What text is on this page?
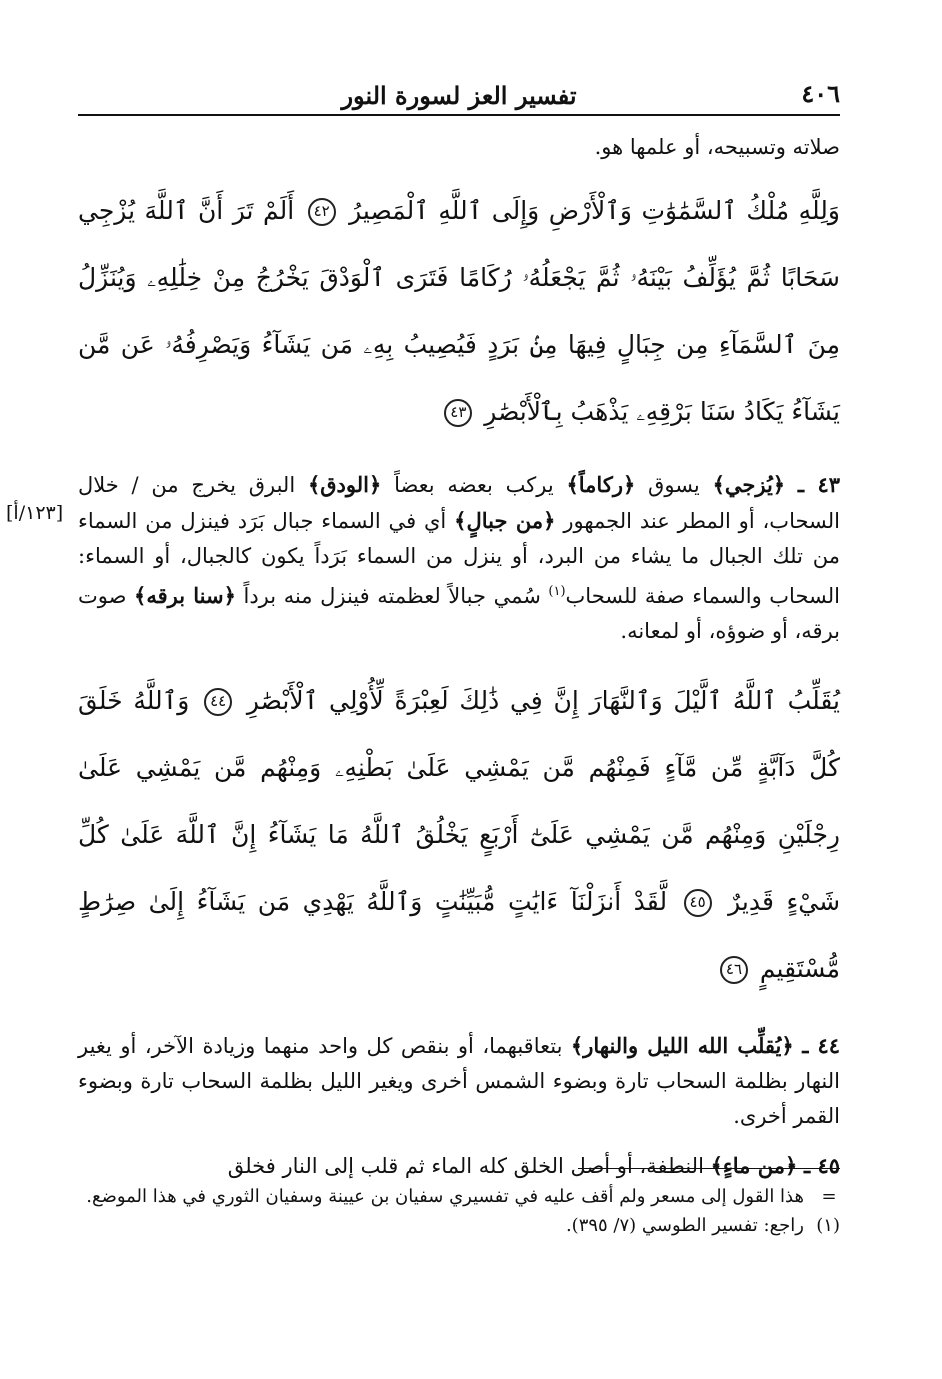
٤٠٦
تفسير العز لسورة النور

صلاته وتسبيحه، أو علمها هو.

وَلِلَّهِ مُلْكُ ٱلسَّمَٰوَٰتِ وَٱلْأَرْضِ وَإِلَى ٱللَّهِ ٱلْمَصِيرُ ٤٢ أَلَمْ تَرَ أَنَّ ٱللَّهَ يُزْجِي سَحَابًا ثُمَّ يُؤَلِّفُ بَيْنَهُۥ ثُمَّ يَجْعَلُهُۥ رُكَامًا فَتَرَى ٱلْوَدْقَ يَخْرُجُ مِنْ خِلَٰلِهِۦ وَيُنَزِّلُ مِنَ ٱلسَّمَآءِ مِن جِبَالٍ فِيهَا مِنۢ بَرَدٍ فَيُصِيبُ بِهِۦ مَن يَشَآءُ وَيَصْرِفُهُۥ عَن مَّن يَشَآءُ يَكَادُ سَنَا بَرْقِهِۦ يَذْهَبُ بِٱلْأَبْصَٰرِ ٤٣

[١٢٣/أ]

٤٣ ـ ﴿يُزجي﴾ يسوق ﴿ركاماً﴾ يركب بعضه بعضاً ﴿الودق﴾ البرق يخرج من / خلال السحاب، أو المطر عند الجمهور ﴿من جبالٍ﴾ أي في السماء جبال بَرَد فينزل من السماء من تلك الجبال ما يشاء من البرد، أو ينزل من السماء بَرَداً يكون كالجبال، أو السماء: السحاب والسماء صفة للسحاب$^{(١)}$ سُمي جبالاً لعظمته فينزل منه برداً ﴿سنا برقه﴾ صوت برقه، أو ضوؤه، أو لمعانه.

يُقَلِّبُ ٱللَّهُ ٱلَّيْلَ وَٱلنَّهَارَ إِنَّ فِي ذَٰلِكَ لَعِبْرَةً لِّأُوْلِي ٱلْأَبْصَٰرِ ٤٤ وَٱللَّهُ خَلَقَ كُلَّ دَآبَّةٍ مِّن مَّآءٍ فَمِنْهُم مَّن يَمْشِي عَلَىٰ بَطْنِهِۦ وَمِنْهُم مَّن يَمْشِي عَلَىٰ رِجْلَيْنِ وَمِنْهُم مَّن يَمْشِي عَلَىٰٓ أَرْبَعٍ يَخْلُقُ ٱللَّهُ مَا يَشَآءُ إِنَّ ٱللَّهَ عَلَىٰ كُلِّ شَيْءٍ قَدِيرٌ ٤٥ لَّقَدْ أَنزَلْنَآ ءَايَٰتٍ مُّبَيِّنَٰتٍ وَٱللَّهُ يَهْدِي مَن يَشَآءُ إِلَىٰ صِرَٰطٍ مُّسْتَقِيمٍ ٤٦

٤٤ ـ ﴿يُقلِّب الله الليل والنهار﴾ بتعاقبهما، أو بنقص كل واحد منهما وزيادة الآخر، أو يغير النهار بظلمة السحاب تارة وبضوء الشمس أخرى ويغير الليل بظلمة السحاب تارة وبضوء القمر أخرى.

٤٥ ـ ﴿من ماءٍ﴾ النطفة، أو أصل الخلق كله الماء ثم قلب إلى النار فخلق

=
هذا القول إلى مسعر ولم أقف عليه في تفسيري سفيان بن عيينة وسفيان الثوري في هذا الموضع.
(١)
راجع: تفسير الطوسي (٧/ ٣٩٥).
